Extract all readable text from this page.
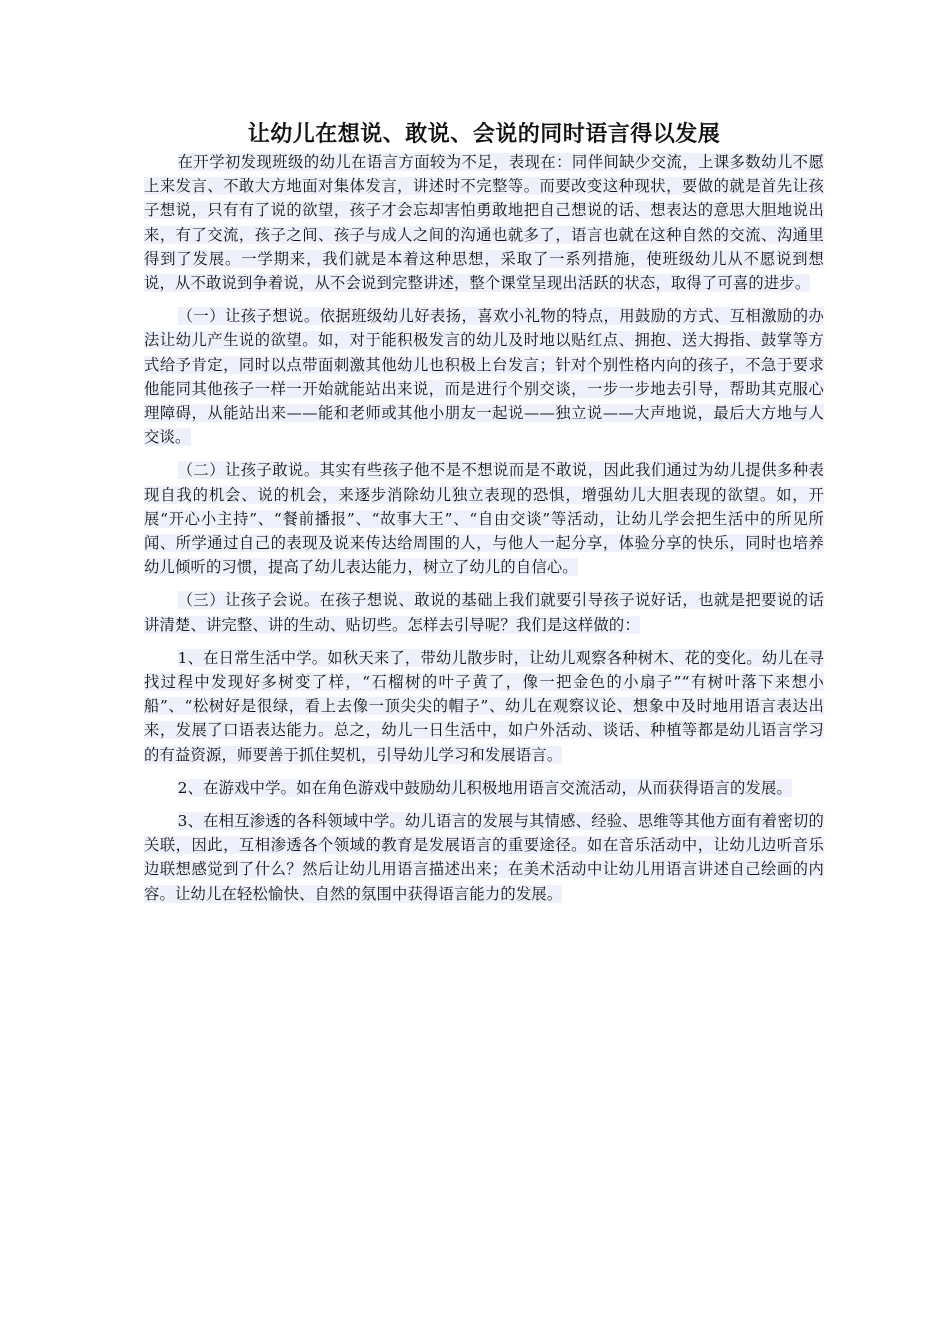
让幼儿在想说、敢说、会说的同时语言得以发展

在开学初发现班级的幼儿在语言方面较为不足，表现在：同伴间缺少交流，上课多数幼儿不愿上来发言、不敢大方地面对集体发言，讲述时不完整等。而要改变这种现状，要做的就是首先让孩子想说，只有有了说的欲望，孩子才会忘却害怕勇敢地把自己想说的话、想表达的意思大胆地说出来，有了交流，孩子之间、孩子与成人之间的沟通也就多了，语言也就在这种自然的交流、沟通里得到了发展。一学期来，我们就是本着这种思想，采取了一系列措施，使班级幼儿从不愿说到想说，从不敢说到争着说，从不会说到完整讲述，整个课堂呈现出活跃的状态，取得了可喜的进步。

（一）让孩子想说。依据班级幼儿好表扬，喜欢小礼物的特点，用鼓励的方式、互相激励的办法让幼儿产生说的欲望。如，对于能积极发言的幼儿及时地以贴红点、拥抱、送大拇指、鼓掌等方式给予肯定，同时以点带面刺激其他幼儿也积极上台发言；针对个别性格内向的孩子，不急于要求他能同其他孩子一样一开始就能站出来说，而是进行个别交谈，一步一步地去引导，帮助其克服心理障碍，从能站出来——能和老师或其他小朋友一起说——独立说——大声地说，最后大方地与人交谈。

（二）让孩子敢说。其实有些孩子他不是不想说而是不敢说，因此我们通过为幼儿提供多种表现自我的机会、说的机会，来逐步消除幼儿独立表现的恐惧，增强幼儿大胆表现的欲望。如，开展“开心小主持”、“餐前播报”、“故事大王”、“自由交谈”等活动，让幼儿学会把生活中的所见所闻、所学通过自己的表现及说来传达给周围的人，与他人一起分享，体验分享的快乐，同时也培养幼儿倾听的习惯，提高了幼儿表达能力，树立了幼儿的自信心。

（三）让孩子会说。在孩子想说、敢说的基础上我们就要引导孩子说好话，也就是把要说的话讲清楚、讲完整、讲的生动、贴切些。怎样去引导呢？我们是这样做的：

1、在日常生活中学。如秋天来了，带幼儿散步时，让幼儿观察各种树木、花的变化。幼儿在寻找过程中发现好多树变了样，“石榴树的叶子黄了，像一把金色的小扇子”“有树叶落下来想小船”、“松树好是很绿，看上去像一顶尖尖的帽子”、幼儿在观察议论、想象中及时地用语言表达出来，发展了口语表达能力。总之，幼儿一日生活中，如户外活动、谈话、种植等都是幼儿语言学习的有益资源，师要善于抓住契机，引导幼儿学习和发展语言。

2、在游戏中学。如在角色游戏中鼓励幼儿积极地用语言交流活动，从而获得语言的发展。

3、在相互渗透的各科领域中学。幼儿语言的发展与其情感、经验、思维等其他方面有着密切的关联，因此，互相渗透各个领域的教育是发展语言的重要途径。如在音乐活动中，让幼儿边听音乐边联想感觉到了什么？然后让幼儿用语言描述出来；在美术活动中让幼儿用语言讲述自己绘画的内容。让幼儿在轻松愉快、自然的氛围中获得语言能力的发展。
